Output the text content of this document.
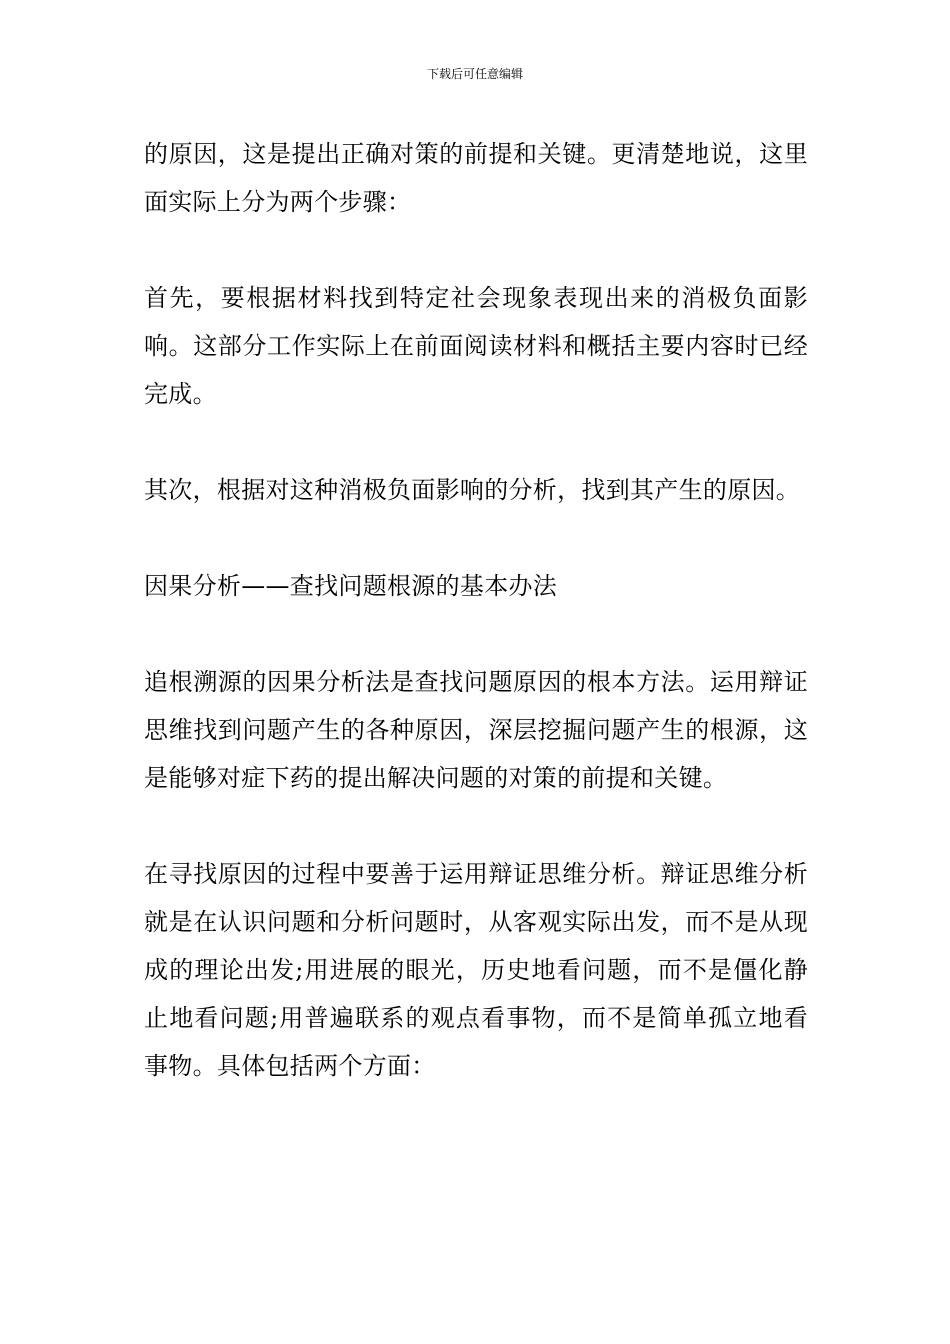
下载后可任意编辑

的原因，这是提出正确对策的前提和关键。更清楚地说，这里面实际上分为两个步骤：

首先，要根据材料找到特定社会现象表现出来的消极负面影响。这部分工作实际上在前面阅读材料和概括主要内容时已经完成。

其次，根据对这种消极负面影响的分析，找到其产生的原因。

因果分析——查找问题根源的基本办法

追根溯源的因果分析法是查找问题原因的根本方法。运用辩证思维找到问题产生的各种原因，深层挖掘问题产生的根源，这是能够对症下药的提出解决问题的对策的前提和关键。

在寻找原因的过程中要善于运用辩证思维分析。辩证思维分析就是在认识问题和分析问题时，从客观实际出发，而不是从现成的理论出发;用进展的眼光，历史地看问题，而不是僵化静止地看问题;用普遍联系的观点看事物，而不是简单孤立地看事物。具体包括两个方面：
